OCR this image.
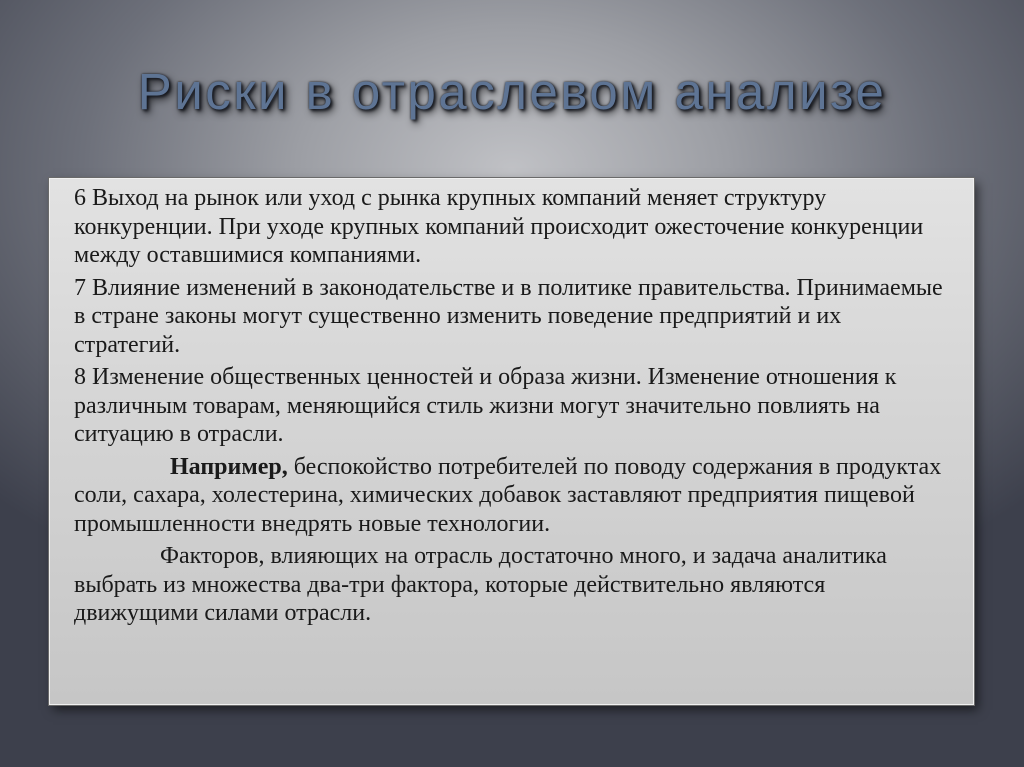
Риски в отраслевом анализе

6 Выход на рынок или уход с рынка крупных компаний меняет структуру конкуренции. При уходе крупных компаний происходит ожесточение конкуренции между оставшимися компаниями.

7 Влияние изменений в законодательстве и в политике правительства. Принимаемые в стране законы могут существенно изменить поведение предприятий и их стратегий.

8 Изменение общественных ценностей и образа жизни. Изменение отношения к различным товарам, меняющийся стиль жизни могут значительно повлиять на ситуацию в отрасли.

Например, беспокойство потребителей по поводу содержания в продуктах соли, сахара, холестерина, химических добавок заставляют предприятия пищевой промышленности внедрять новые технологии.

Факторов, влияющих на отрасль достаточно много, и задача аналитика выбрать из множества два-три фактора, которые действительно являются движущими силами отрасли.
